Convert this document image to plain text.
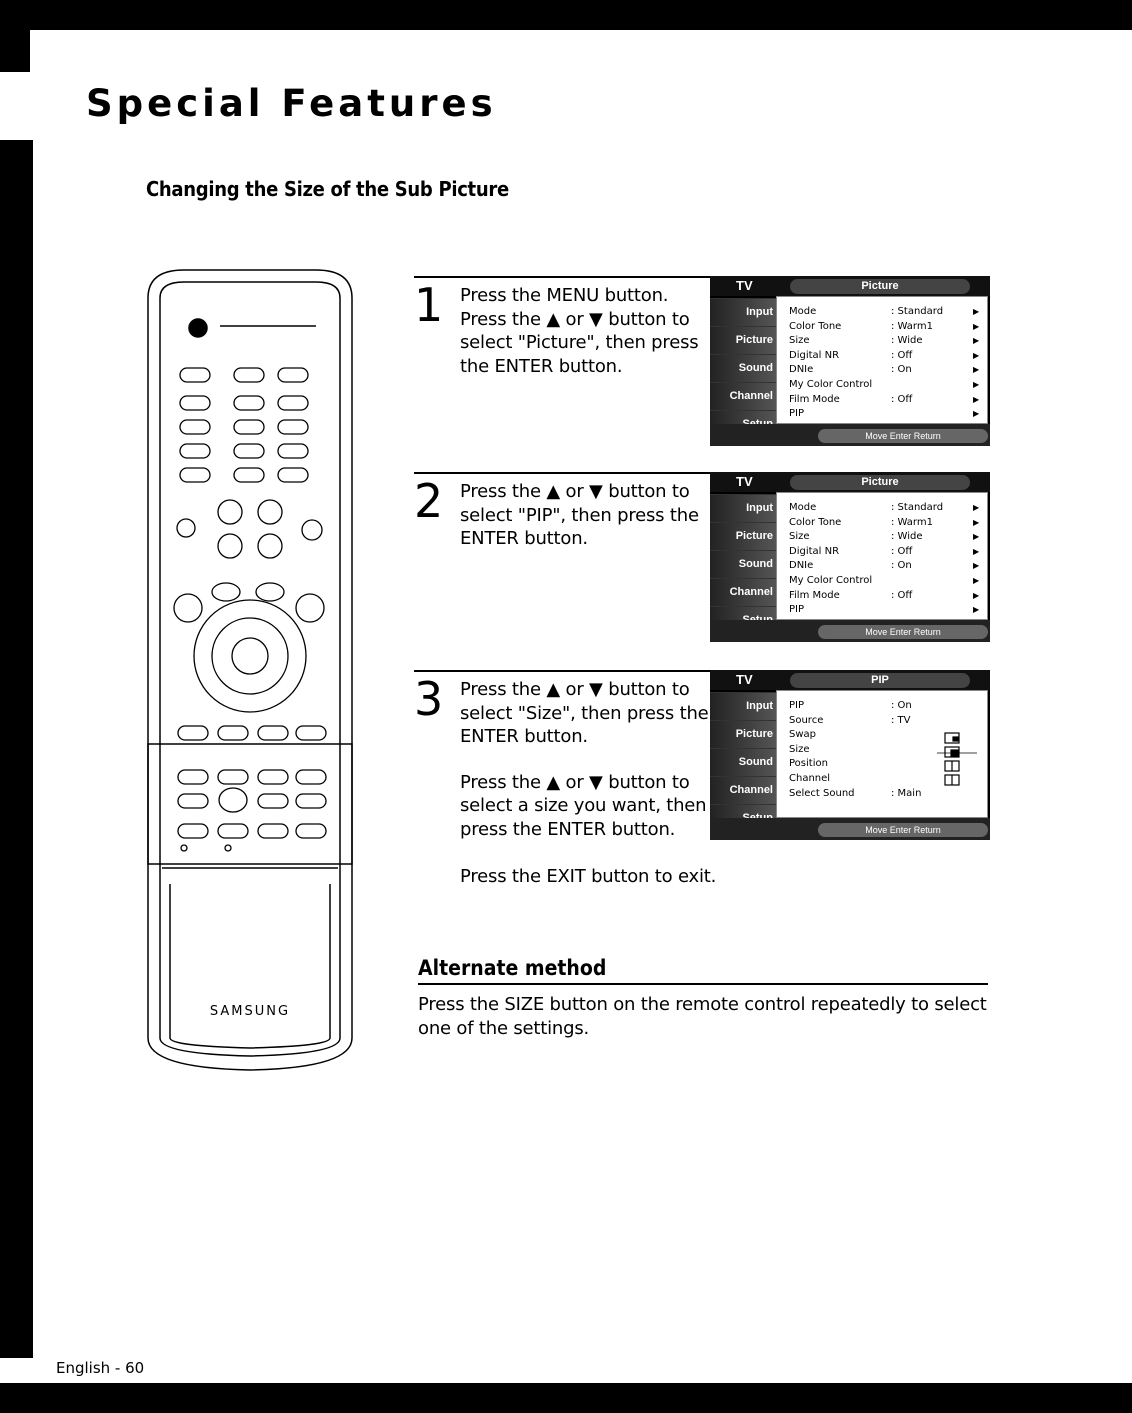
Special Features
Changing the Size of the Sub Picture
SAMSUNG
1 Press the MENU button. Press the ▲ or ▼ button to select "Picture", then press the ENTER button.

TV	Picture
Input
Picture
Sound
Channel
Mode	: Standard	▶
Color Tone	: Warm1	▶
Size	: Wide	▶
Digital NR	: Off	▶
DNIe	: On	▶
My Color Control	▶
Film Mode	: Off	▶
PIP	▶
Move Enter Return
2 Press the ▲ or ▼ button to select "PIP", then press the ENTER button.

TV	Picture
Input
Picture
Sound
Channel
Mode	: Standard	▶
Color Tone	: Warm1	▶
Size	: Wide	▶
Digital NR	: Off	▶
DNIe	: On	▶
My Color Control	▶
Film Mode	: Off	▶
PIP	▶
Move Enter Return
3 Press the ▲ or ▼ button to select "Size", then press the ENTER button.

Press the ▲ or ▼ button to select a size you want, then press the ENTER button.

TV	PIP
Input
Picture
Sound
Channel
PIP	: On
Source	: TV
Swap
Size
Position
Channel
Select Sound	: Main
Move Enter Return
Press the EXIT button to exit.
Alternate method
Press the SIZE button on the remote control repeatedly to select one of the settings.
English - 60
